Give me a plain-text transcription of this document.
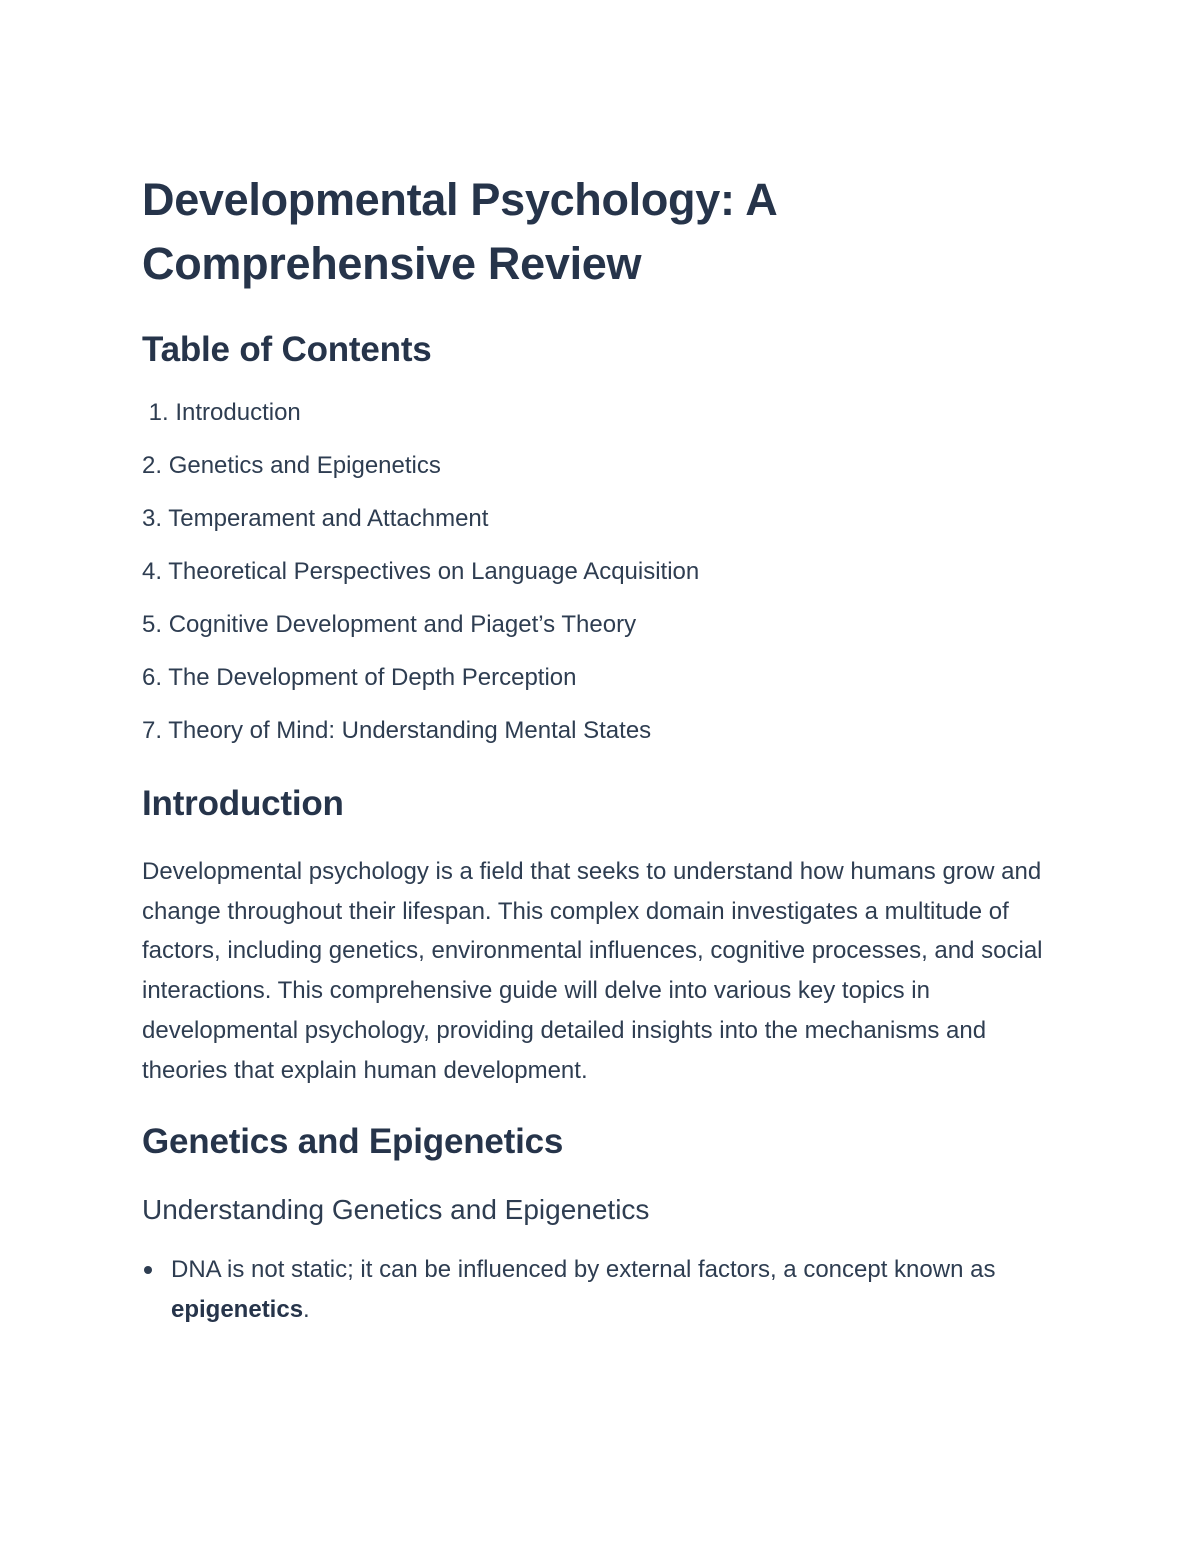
Developmental Psychology: A Comprehensive Review
Table of Contents
1. Introduction
2. Genetics and Epigenetics
3. Temperament and Attachment
4. Theoretical Perspectives on Language Acquisition
5. Cognitive Development and Piaget’s Theory
6. The Development of Depth Perception
7. Theory of Mind: Understanding Mental States
Introduction

Developmental psychology is a field that seeks to understand how humans grow and change throughout their lifespan. This complex domain investigates a multitude of factors, including genetics, environmental influences, cognitive processes, and social interactions. This comprehensive guide will delve into various key topics in developmental psychology, providing detailed insights into the mechanisms and theories that explain human development.

Genetics and Epigenetics
Understanding Genetics and Epigenetics
DNA is not static; it can be influenced by external factors, a concept known as epigenetics.
